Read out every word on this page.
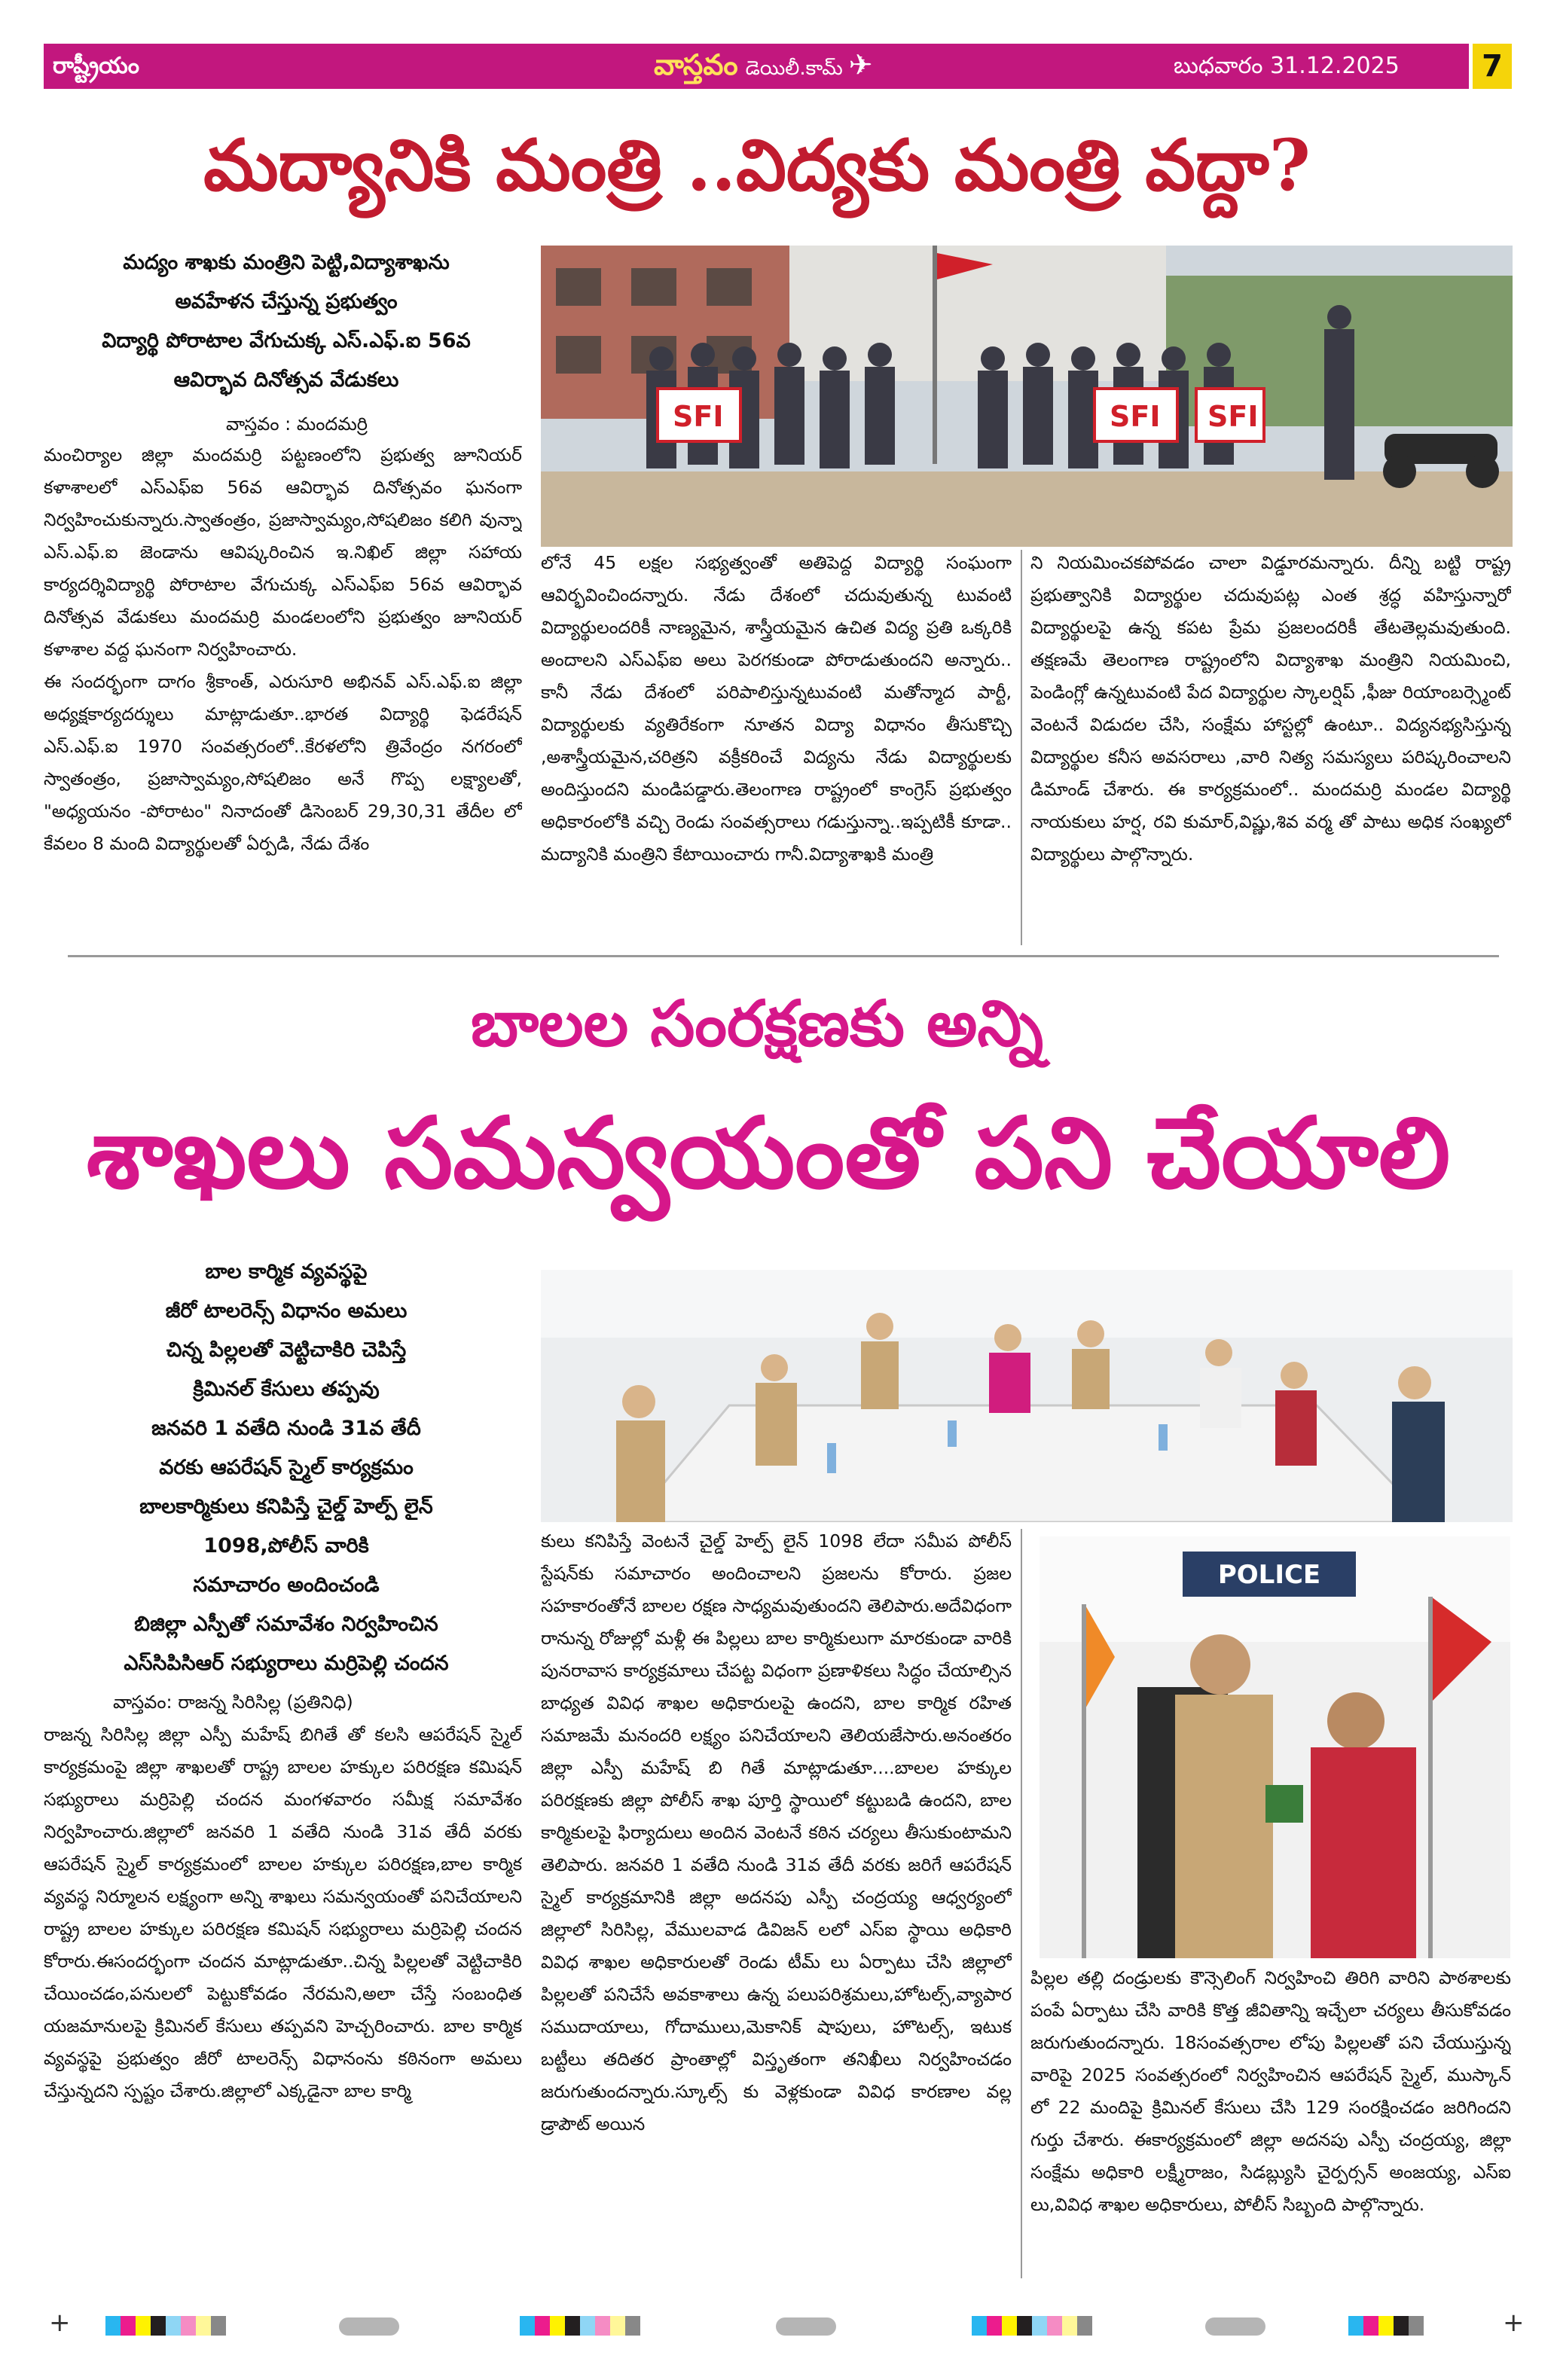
రాష్ట్రీయం	వాస్తవం డెయిలీ.కామ్ ✈	బుధవారం 31.12.2025	7
మద్యానికి మంత్రి ..విద్యకు మంత్రి వద్దా?

మద్యం శాఖకు మంత్రిని పెట్టి,విద్యాశాఖను

అవహేళన చేస్తున్న ప్రభుత్వం

విద్యార్థి పోరాటాల వేగుచుక్క ఎస్.ఎఫ్.ఐ 56వ

ఆవిర్భావ దినోత్సవ వేడుకలు

వాస్తవం : మందమర్రి

మంచిర్యాల జిల్లా మందమర్రి పట్టణంలోని ప్రభుత్వ జూనియర్ కళాశాలలో ఎస్ఎఫ్ఐ 56వ ఆవిర్భావ దినోత్సవం ఘనంగా నిర్వహించుకున్నారు.స్వాతంత్రం, ప్రజాస్వామ్యం,సోషలిజం కలిగి వున్నా ఎస్.ఎఫ్.ఐ జెండాను ఆవిష్కరించిన ఇ.నిఖిల్ జిల్లా సహాయ కార్యదర్శివిద్యార్థి పోరాటాల వేగుచుక్క ఎస్ఎఫ్ఐ 56వ ఆవిర్భావ దినోత్సవ వేడుకలు మందమర్రి మండలంలోని ప్రభుత్వం జూనియర్ కళాశాల వద్ద ఘనంగా నిర్వహించారు.

ఈ సందర్భంగా దాగం శ్రీకాంత్, ఎరుసూరి అభినవ్ ఎస్.ఎఫ్.ఐ జిల్లా అధ్యక్షకార్యదర్శులు మాట్లాడుతూ..భారత విద్యార్థి ఫెడరేషన్ ఎస్.ఎఫ్.ఐ 1970 సంవత్సరంలో..కేరళలోని త్రివేంద్రం నగరంలో స్వాతంత్రం, ప్రజాస్వామ్యం,సోషలిజం అనే గొప్ప లక్ష్యాలతో, "అధ్యయనం -పోరాటం" నినాదంతో డిసెంబర్ 29,30,31 తేదీల లో కేవలం 8 మంది విద్యార్థులతో ఏర్పడి, నేడు దేశం

SFI	SFI SFI
లోనే 45 లక్షల సభ్యత్వంతో అతిపెద్ద విద్యార్థి సంఘంగా ఆవిర్భవించిందన్నారు. నేడు దేశంలో చదువుతున్న టువంటి విద్యార్థులందరికీ నాణ్యమైన, శాస్త్రీయమైన ఉచిత విద్య ప్రతి ఒక్కరికి అందాలని ఎస్ఎఫ్ఐ అలు పెరగకుండా పోరాడుతుందని అన్నారు.. కానీ నేడు దేశంలో పరిపాలిస్తున్నటువంటి మతోన్మాద పార్టీ, విద్యార్థులకు వ్యతిరేకంగా నూతన విద్యా విధానం తీసుకొచ్చి ,అశాస్త్రీయమైన,చరిత్రని వక్రీకరించే విద్యను నేడు విద్యార్థులకు అందిస్తుందని మండిపడ్డారు.తెలంగాణ రాష్ట్రంలో కాంగ్రెస్ ప్రభుత్వం అధికారంలోకి వచ్చి రెండు సంవత్సరాలు గడుస్తున్నా..ఇప్పటికీ కూడా.. మద్యానికి మంత్రిని కేటాయించారు గానీ.విద్యాశాఖకి మంత్రి
ని నియమించకపోవడం చాలా విడ్డూరమన్నారు. దీన్ని బట్టి రాష్ట్ర ప్రభుత్వానికి విద్యార్థుల చదువుపట్ల ఎంత శ్రద్ధ వహిస్తున్నారో విద్యార్థులపై ఉన్న కపట ప్రేమ ప్రజలందరికీ తేటతెల్లమవుతుంది. తక్షణమే తెలంగాణ రాష్ట్రంలోని విద్యాశాఖ మంత్రిని నియమించి, పెండింగ్లో ఉన్నటువంటి పేద విద్యార్థుల స్కాలర్షిప్ ,ఫీజు రియాంబర్స్మెంట్ వెంటనే విడుదల చేసి, సంక్షేమ హాస్టల్లో ఉంటూ.. విద్యనభ్యసిస్తున్న విద్యార్థుల కనీస అవసరాలు ,వారి నిత్య సమస్యలు పరిష్కరించాలని డిమాండ్ చేశారు. ఈ కార్యక్రమంలో.. మందమర్రి మండల విద్యార్థి నాయకులు హర్ష, రవి కుమార్,విష్ణు,శివ వర్మ తో పాటు అధిక సంఖ్యలో విద్యార్థులు పాల్గొన్నారు.
బాలల సంరక్షణకు అన్ని
శాఖలు సమన్వయంతో పని చేయాలి

బాల కార్మిక వ్యవస్థపై

జీరో టాలరెన్స్ విధానం అమలు

చిన్న పిల్లలతో వెట్టిచాకిరి చెపిస్తే

క్రిమినల్ కేసులు తప్పవు

జనవరి 1 వతేది నుండి 31వ తేదీ

వరకు ఆపరేషన్ స్మైల్ కార్యక్రమం

బాలకార్మికులు కనిపిస్తే చైల్డ్ హెల్ప్ లైన్

1098,పోలీస్ వారికి

సమాచారం అందించండి

బిజిల్లా ఎస్పీతో సమావేశం నిర్వహించిన

ఎస్‌సిపిసిఆర్ సభ్యురాలు మర్రిపెల్లి చందన

వాస్తవం: రాజన్న సిరిసిల్ల (ప్రతినిధి)
రాజన్న సిరిసిల్ల జిల్లా ఎస్పీ మహేష్ బిగితే తో కలసి ఆపరేషన్ స్మైల్ కార్యక్రమంపై జిల్లా శాఖలతో రాష్ట్ర బాలల హక్కుల పరిరక్షణ కమిషన్ సభ్యురాలు మర్రిపెల్లి చందన మంగళవారం సమీక్ష సమావేశం నిర్వహించారు.జిల్లాలో జనవరి 1 వతేది నుండి 31వ తేదీ వరకు ఆపరేషన్ స్మైల్ కార్యక్రమంలో బాలల హక్కుల పరిరక్షణ,బాల కార్మిక వ్యవస్థ నిర్మూలన లక్ష్యంగా అన్ని శాఖలు సమన్వయంతో పనిచేయాలని రాష్ట్ర బాలల హక్కుల పరిరక్షణ కమిషన్ సభ్యురాలు మర్రిపెల్లి చందన కోరారు.ఈసందర్భంగా చందన మాట్లాడుతూ..చిన్న పిల్లలతో వెట్టిచాకిరి చేయించడం,పనులలో పెట్టుకోవడం నేరమని,అలా చేస్తే సంబంధిత యజమానులపై క్రిమినల్ కేసులు తప్పవని హెచ్చరించారు. బాల కార్మిక వ్యవస్థపై ప్రభుత్వం జీరో టాలరెన్స్ విధానంను కఠినంగా అమలు చేస్తున్నదని స్పష్టం చేశారు.జిల్లాలో ఎక్కడైనా బాల కార్మి
కులు కనిపిస్తే వెంటనే చైల్డ్ హెల్ప్ లైన్ 1098 లేదా సమీప పోలీస్ స్టేషన్‌కు సమాచారం అందించాలని ప్రజలను కోరారు. ప్రజల సహకారంతోనే బాలల రక్షణ సాధ్యమవుతుందని తెలిపారు.అదేవిధంగా రానున్న రోజుల్లో మళ్లీ ఈ పిల్లలు బాల కార్మికులుగా మారకుండా వారికి పునరావాస కార్యక్రమాలు చేపట్ట విధంగా ప్రణాళికలు సిద్ధం చేయాల్సిన బాధ్యత వివిధ శాఖల అధికారులపై ఉందని, బాల కార్మిక రహిత సమాజమే మనందరి లక్ష్యం పనిచేయాలని తెలియజేసారు.అనంతరం జిల్లా ఎస్పీ మహేష్ బి గితే మాట్లాడుతూ....బాలల హక్కుల పరిరక్షణకు జిల్లా పోలీస్ శాఖ పూర్తి స్థాయిలో కట్టుబడి ఉందని, బాల కార్మికులపై ఫిర్యాదులు అందిన వెంటనే కఠిన చర్యలు తీసుకుంటామని తెలిపారు. జనవరి 1 వతేది నుండి 31వ తేదీ వరకు జరిగే ఆపరేషన్ స్మైల్ కార్యక్రమానికి జిల్లా అదనపు ఎస్పీ చంద్రయ్య ఆధ్వర్యంలో జిల్లాలో సిరిసిల్ల, వేములవాడ డివిజన్ లలో ఎస్ఐ స్థాయి అధికారి వివిధ శాఖల అధికారులతో రెండు టీమ్ లు ఏర్పాటు చేసి జిల్లాలో పిల్లలతో పనిచేసే అవకాశాలు ఉన్న పలుపరిశ్రమలు,హోటల్స్,వ్యాపార సముదాయాలు, గోదాములు,మెకానిక్ షాపులు, హొటల్స్, ఇటుక బట్టీలు తదితర ప్రాంతాల్లో విస్తృతంగా తనిఖీలు నిర్వహించడం జరుగుతుందన్నారు.స్కూల్స్ కు వెళ్లకుండా వివిధ కారణాల వల్ల డ్రాపౌట్ అయిన
POLICE
పిల్లల తల్లి దండ్రులకు కౌన్సెలింగ్ నిర్వహించి తిరిగి వారిని పాఠశాలకు పంపే ఏర్పాటు చేసి వారికి కొత్త జీవితాన్ని ఇచ్చేలా చర్యలు తీసుకోవడం జరుగుతుందన్నారు. 18సంవత్సరాల లోపు పిల్లలతో పని చేయుస్తున్న వారిపై 2025 సంవత్సరంలో నిర్వహించిన ఆపరేషన్ స్మైల్, ముస్కాన్ లో 22 మందిపై క్రిమినల్ కేసులు చేసి 129 సంరక్షించడం జరిగిందని గుర్తు చేశారు. ఈకార్యక్రమంలో జిల్లా అదనపు ఎస్పీ చంద్రయ్య, జిల్లా సంక్షేమ అధికారి లక్ష్మీరాజం, సిడబ్ల్యుసి చైర్పర్సన్ అంజయ్య, ఎస్ఐ లు,వివిధ శాఖల అధికారులు, పోలీస్ సిబ్బంది పాల్గొన్నారు.
+	+
